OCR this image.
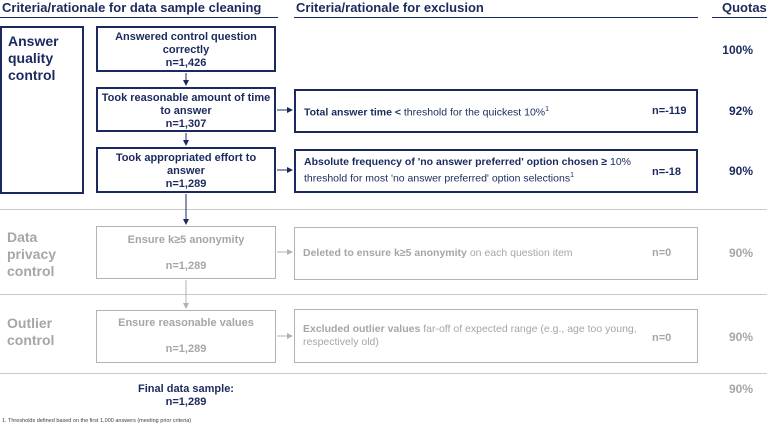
Criteria/rationale for data sample cleaning	Criteria/rationale for exclusion	Quotas
Answer quality control
Data privacy control
Outlier control
Answered control question correctly
n=1,426
Took reasonable amount of time to answer
n=1,307
Took appropriated effort to answer
n=1,289
Ensure k≥5 anonymity
n=1,289
Ensure reasonable values
n=1,289
Final data sample:
n=1,289
Total answer time < threshold for the quickest 10%$^1$
Absolute frequency of 'no answer preferred' option chosen ≥ 10% threshold for most 'no answer preferred' option selections$^1$
Deleted to ensure k≥5 anonymity on each question item
Excluded outlier values far-off of expected range (e.g., age too young, respectively old)
n=-119
n=-18
n=0
n=0
100%
92%
90%
90%
90%
90%
1. Thresholds defined based on the first 1,000 answers (meeting prior criteria)
